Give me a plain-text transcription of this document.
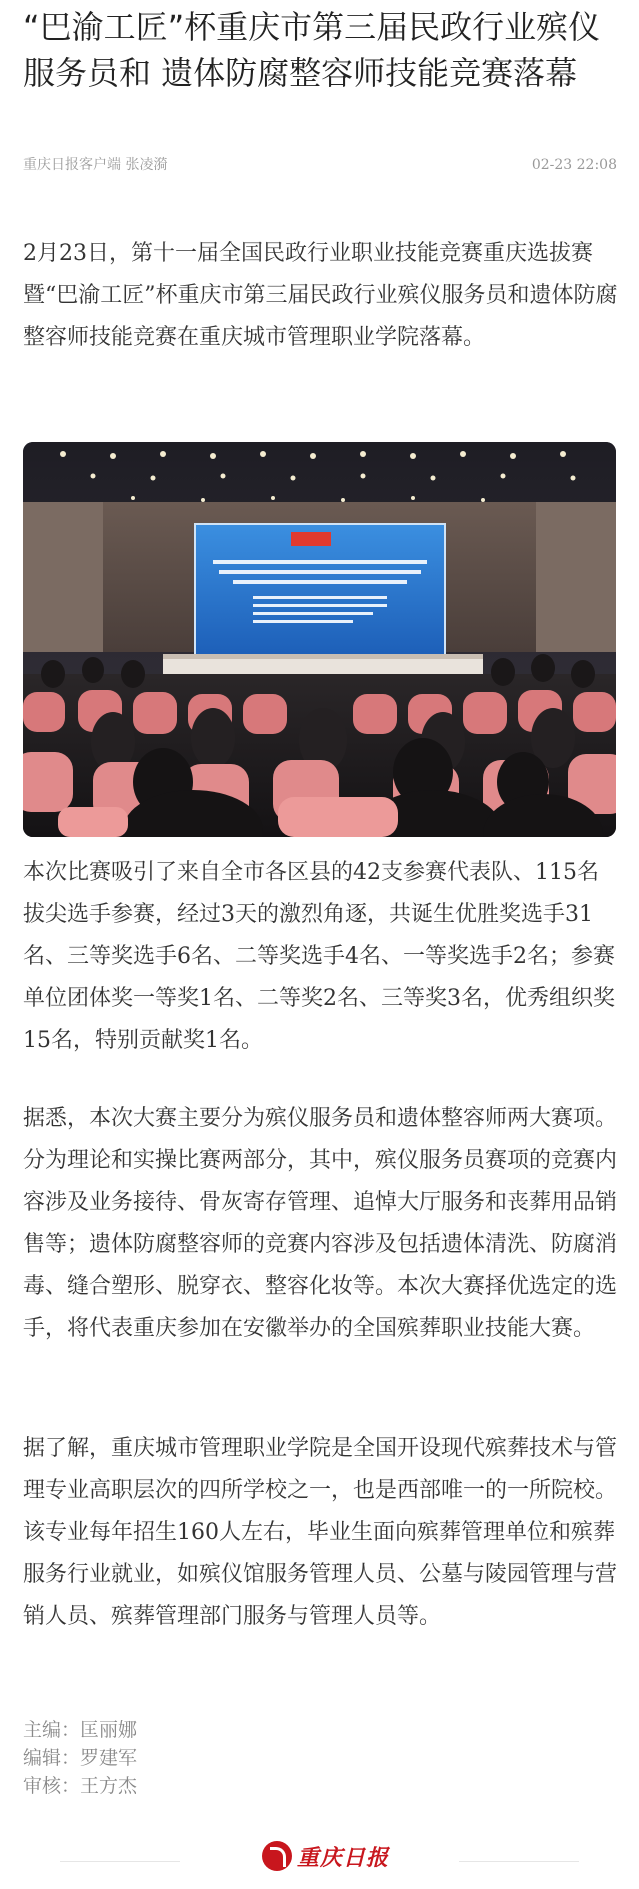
“巴渝工匠”杯重庆市第三届民政行业殡仪服务员和 遗体防腐整容师技能竞赛落幕
重庆日报客户端 张凌漪	02-23 22:08

2月23日，第十一届全国民政行业职业技能竞赛重庆选拔赛暨“巴渝工匠”杯重庆市第三届民政行业殡仪服务员和遗体防腐整容师技能竞赛在重庆城市管理职业学院落幕。

本次比赛吸引了来自全市各区县的42支参赛代表队、115名拔尖选手参赛，经过3天的激烈角逐，共诞生优胜奖选手31名、三等奖选手6名、二等奖选手4名、一等奖选手2名；参赛单位团体奖一等奖1名、二等奖2名、三等奖3名，优秀组织奖15名，特别贡献奖1名。

据悉，本次大赛主要分为殡仪服务员和遗体整容师两大赛项。分为理论和实操比赛两部分，其中，殡仪服务员赛项的竞赛内容涉及业务接待、骨灰寄存管理、追悼大厅服务和丧葬用品销售等；遗体防腐整容师的竞赛内容涉及包括遗体清洗、防腐消毒、缝合塑形、脱穿衣、整容化妆等。本次大赛择优选定的选手，将代表重庆参加在安徽举办的全国殡葬职业技能大赛。

据了解，重庆城市管理职业学院是全国开设现代殡葬技术与管理专业高职层次的四所学校之一，也是西部唯一的一所院校。该专业每年招生160人左右，毕业生面向殡葬管理单位和殡葬服务行业就业，如殡仪馆服务管理人员、公墓与陵园管理与营销人员、殡葬管理部门服务与管理人员等。

主编：匡丽娜
编辑：罗建军
审核：王方杰
重庆日报
